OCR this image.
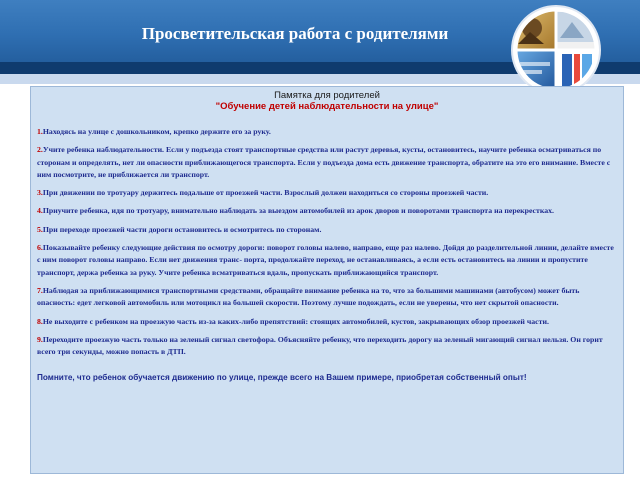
Просветительская работа с родителями
Памятка для родителей
"Обучение детей наблюдательности на улице"

1.Находясь на улице с дошкольником, крепко держите его за руку.

2.Учите ребенка наблюдательности. Если у подъезда стоят транспортные средства или растут деревья, кусты, остановитесь, научите ребенка осматриваться по сторонам и определять, нет ли опасности приближающегося транспорта. Если у подъезда дома есть движение транспорта, обратите на это его внимание. Вместе с ним посмотрите, не приближается ли транспорт.

3.При движении по тротуару держитесь подальше от проезжей части. Взрослый должен находиться со стороны проезжей части.

4.Приучите ребенка, идя по тротуару, внимательно наблюдать за выездом автомобилей из арок дворов и поворотами транспорта на перекрестках.

5.При переходе проезжей части дороги остановитесь и осмотритесь по сторонам.

6.Показывайте ребенку следующие действия по осмотру дороги: поворот головы налево, направо, еще раз налево. Дойдя до разделительной линии, делайте вместе с ним поворот головы направо. Если нет движения транс- порта, продолжайте переход, не останавливаясь, а если есть остановитесь на линии и пропустите транспорт, держа ребенка за руку. Учите ребенка всматриваться вдаль, пропускать приближающийся транспорт.

7.Наблюдая за приближающимися транспортными средствами, обращайте внимание ребенка на то, что за большими машинами (автобусом) может быть опасность: едет легковой автомобиль или мотоцикл на большей скорости. Поэтому лучше подождать, если не уверены, что нет скрытой опасности.

8.Не выходите с ребенком на проезжую часть из-за каких-либо препятствий: стоящих автомобилей, кустов, закрывающих обзор проезжей части.

9.Переходите проезжую часть только на зеленый сигнал светофора. Объясняйте ребенку, что переходить дорогу на зеленый мигающий сигнал нельзя. Он горит всего три секунды, можно попасть в ДТП.

Помните, что ребенок обучается движению по улице, прежде всего на Вашем примере, приобретая собственный опыт!
